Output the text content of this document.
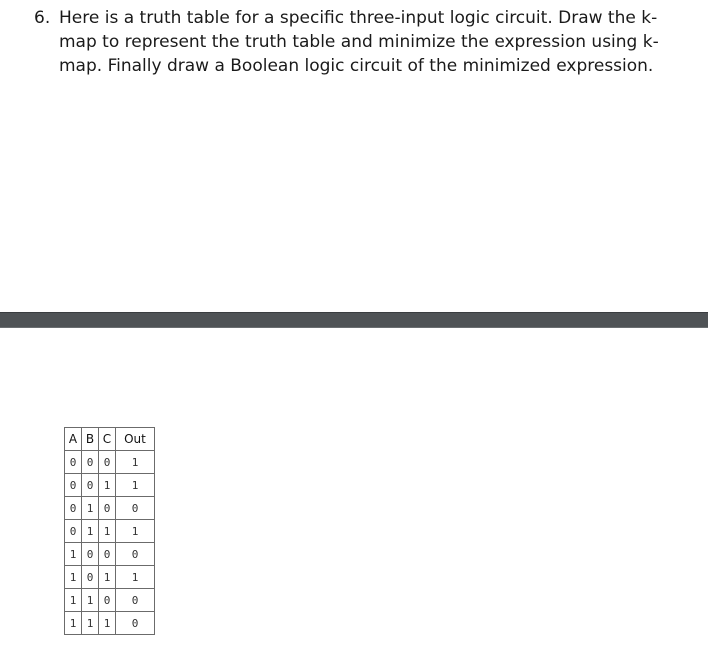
6. Here is a truth table for a specific three-input logic circuit. Draw the k-
map to represent the truth table and minimize the expression using k-
map. Finally draw a Boolean logic circuit of the minimized expression.
A	B	C	Out
0	0	0	1
0	0	1	1
0	1	0	0
0	1	1	1
1	0	0	0
1	0	1	1
1	1	0	0
1	1	1	0
